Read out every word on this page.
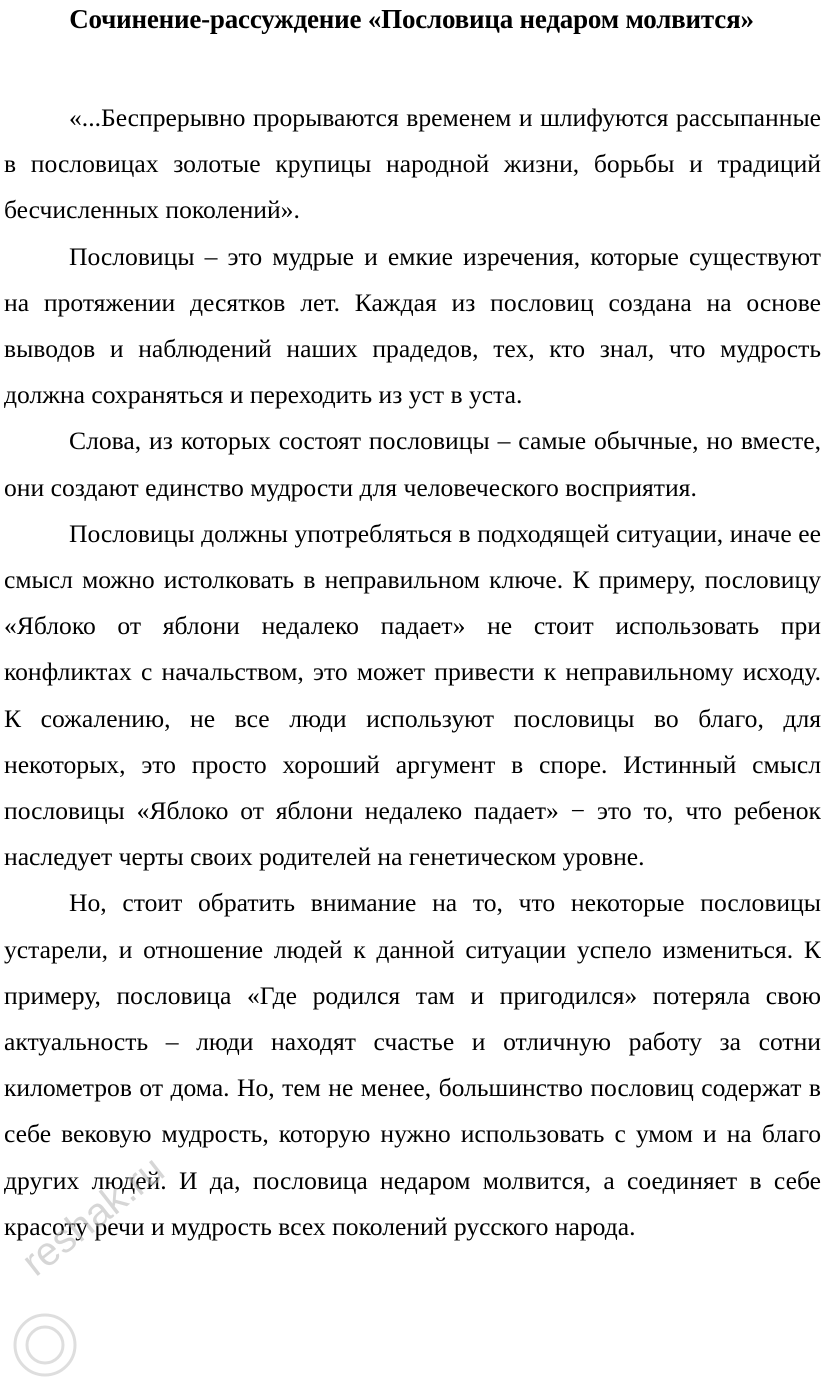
Сочинение-рассуждение «Пословица недаром молвится»

«...Беспрерывно прорываются временем и шлифуются рассыпанные в пословицах золотые крупицы народной жизни, борьбы и традиций бесчисленных поколений».

Пословицы – это мудрые и емкие изречения, которые существуют на протяжении десятков лет. Каждая из пословиц создана на основе выводов и наблюдений наших прадедов, тех, кто знал, что мудрость должна сохраняться и переходить из уст в уста.

Слова, из которых состоят пословицы – самые обычные, но вместе, они создают единство мудрости для человеческого восприятия.

Пословицы должны употребляться в подходящей ситуации, иначе ее смысл можно истолковать в неправильном ключе. К примеру, пословицу «Яблоко от яблони недалеко падает» не стоит использовать при конфликтах с начальством, это может привести к неправильному исходу. К сожалению, не все люди используют пословицы во благо, для некоторых, это просто хороший аргумент в споре. Истинный смысл пословицы «Яблоко от яблони недалеко падает» − это то, что ребенок наследует черты своих родителей на генетическом уровне.

Но, стоит обратить внимание на то, что некоторые пословицы устарели, и отношение людей к данной ситуации успело измениться. К примеру, пословица «Где родился там и пригодился» потеряла свою актуальность – люди находят счастье и отличную работу за сотни километров от дома. Но, тем не менее, большинство пословиц содержат в себе вековую мудрость, которую нужно использовать с умом и на благо других людей. И да, пословица недаром молвится, а соединяет в себе красоту речи и мудрость всех поколений русского народа.

reshak.ru
